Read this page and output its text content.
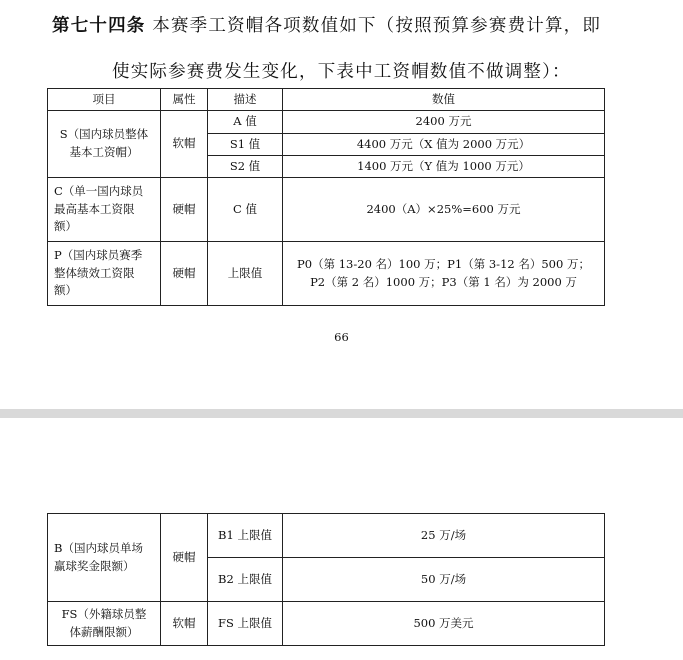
第七十四条 本赛季工资帽各项数值如下（按照预算参赛费计算，即
使实际参赛费发生变化，下表中工资帽数值不做调整）：
项目	属性	描述	数值
S（国内球员整体
基本工资帽）	软帽	A 值	2400 万元
		S1 值	4400 万元（X 值为 2000 万元）
		S2 值	1400 万元（Y 值为 1000 万元）
C（单一国内球员
最高基本工资限
额）	硬帽	C 值	2400（A）×25%=600 万元
P（国内球员赛季
整体绩效工资限
额）	硬帽	上限值	P0（第 13-20 名）100 万；P1（第 3-12 名）500 万；
P2（第 2 名）1000 万；P3（第 1 名）为 2000 万
66
B（国内球员单场
赢球奖金限额）	硬帽	B1 上限值	25 万/场
		B2 上限值	50 万/场
FS（外籍球员整
体薪酬限额）	软帽	FS 上限值	500 万美元
